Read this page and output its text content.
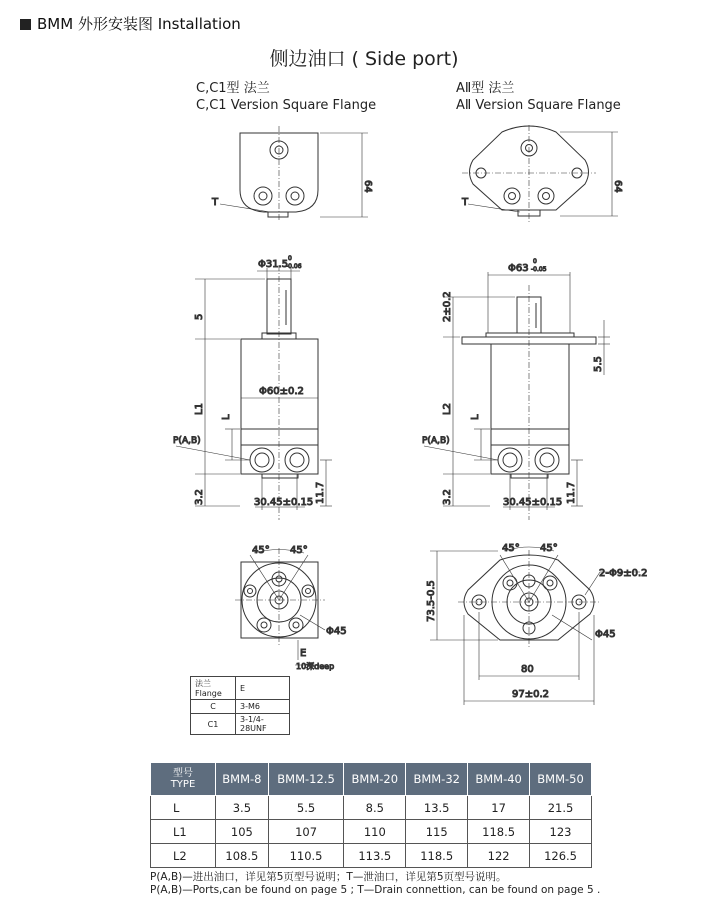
BMM 外形安装图 Installation
侧边油口 ( Side port)
C,C1型 法兰
C,C1 Version Square Flange
AⅡ型 法兰
AⅡ Version Square Flange
64
T
Φ31.5
0
-0.06
5
Φ60±0.2
L1
L
P(A,B)
3.2	30.45±0.15 11.7
45° 45°
Φ45
E
10深deep
64
T
Φ63
0
-0.05
2±0.2
5.5
L2
L
P(A,B)
3.2	30.45±0.15 11.7
45° 45°
2-Φ9±0.2
73.5-0.5
Φ45
80
97±0.2
法兰Flange	E
C	3-M6
C1	3-1/4-28UNF
型号
TYPE	BMM-8	BMM-12.5	BMM-20	BMM-32	BMM-40	BMM-50
L	3.5	5.5	8.5	13.5	17	21.5
L1	105	107	110	115	118.5	123
L2	108.5	110.5	113.5	118.5	122	126.5
P(A,B)—进出油口，详见第5页型号说明；T—泄油口，详见第5页型号说明。
P(A,B)—Ports,can be found on page 5 ; T—Drain connettion, can be found on page 5 .
